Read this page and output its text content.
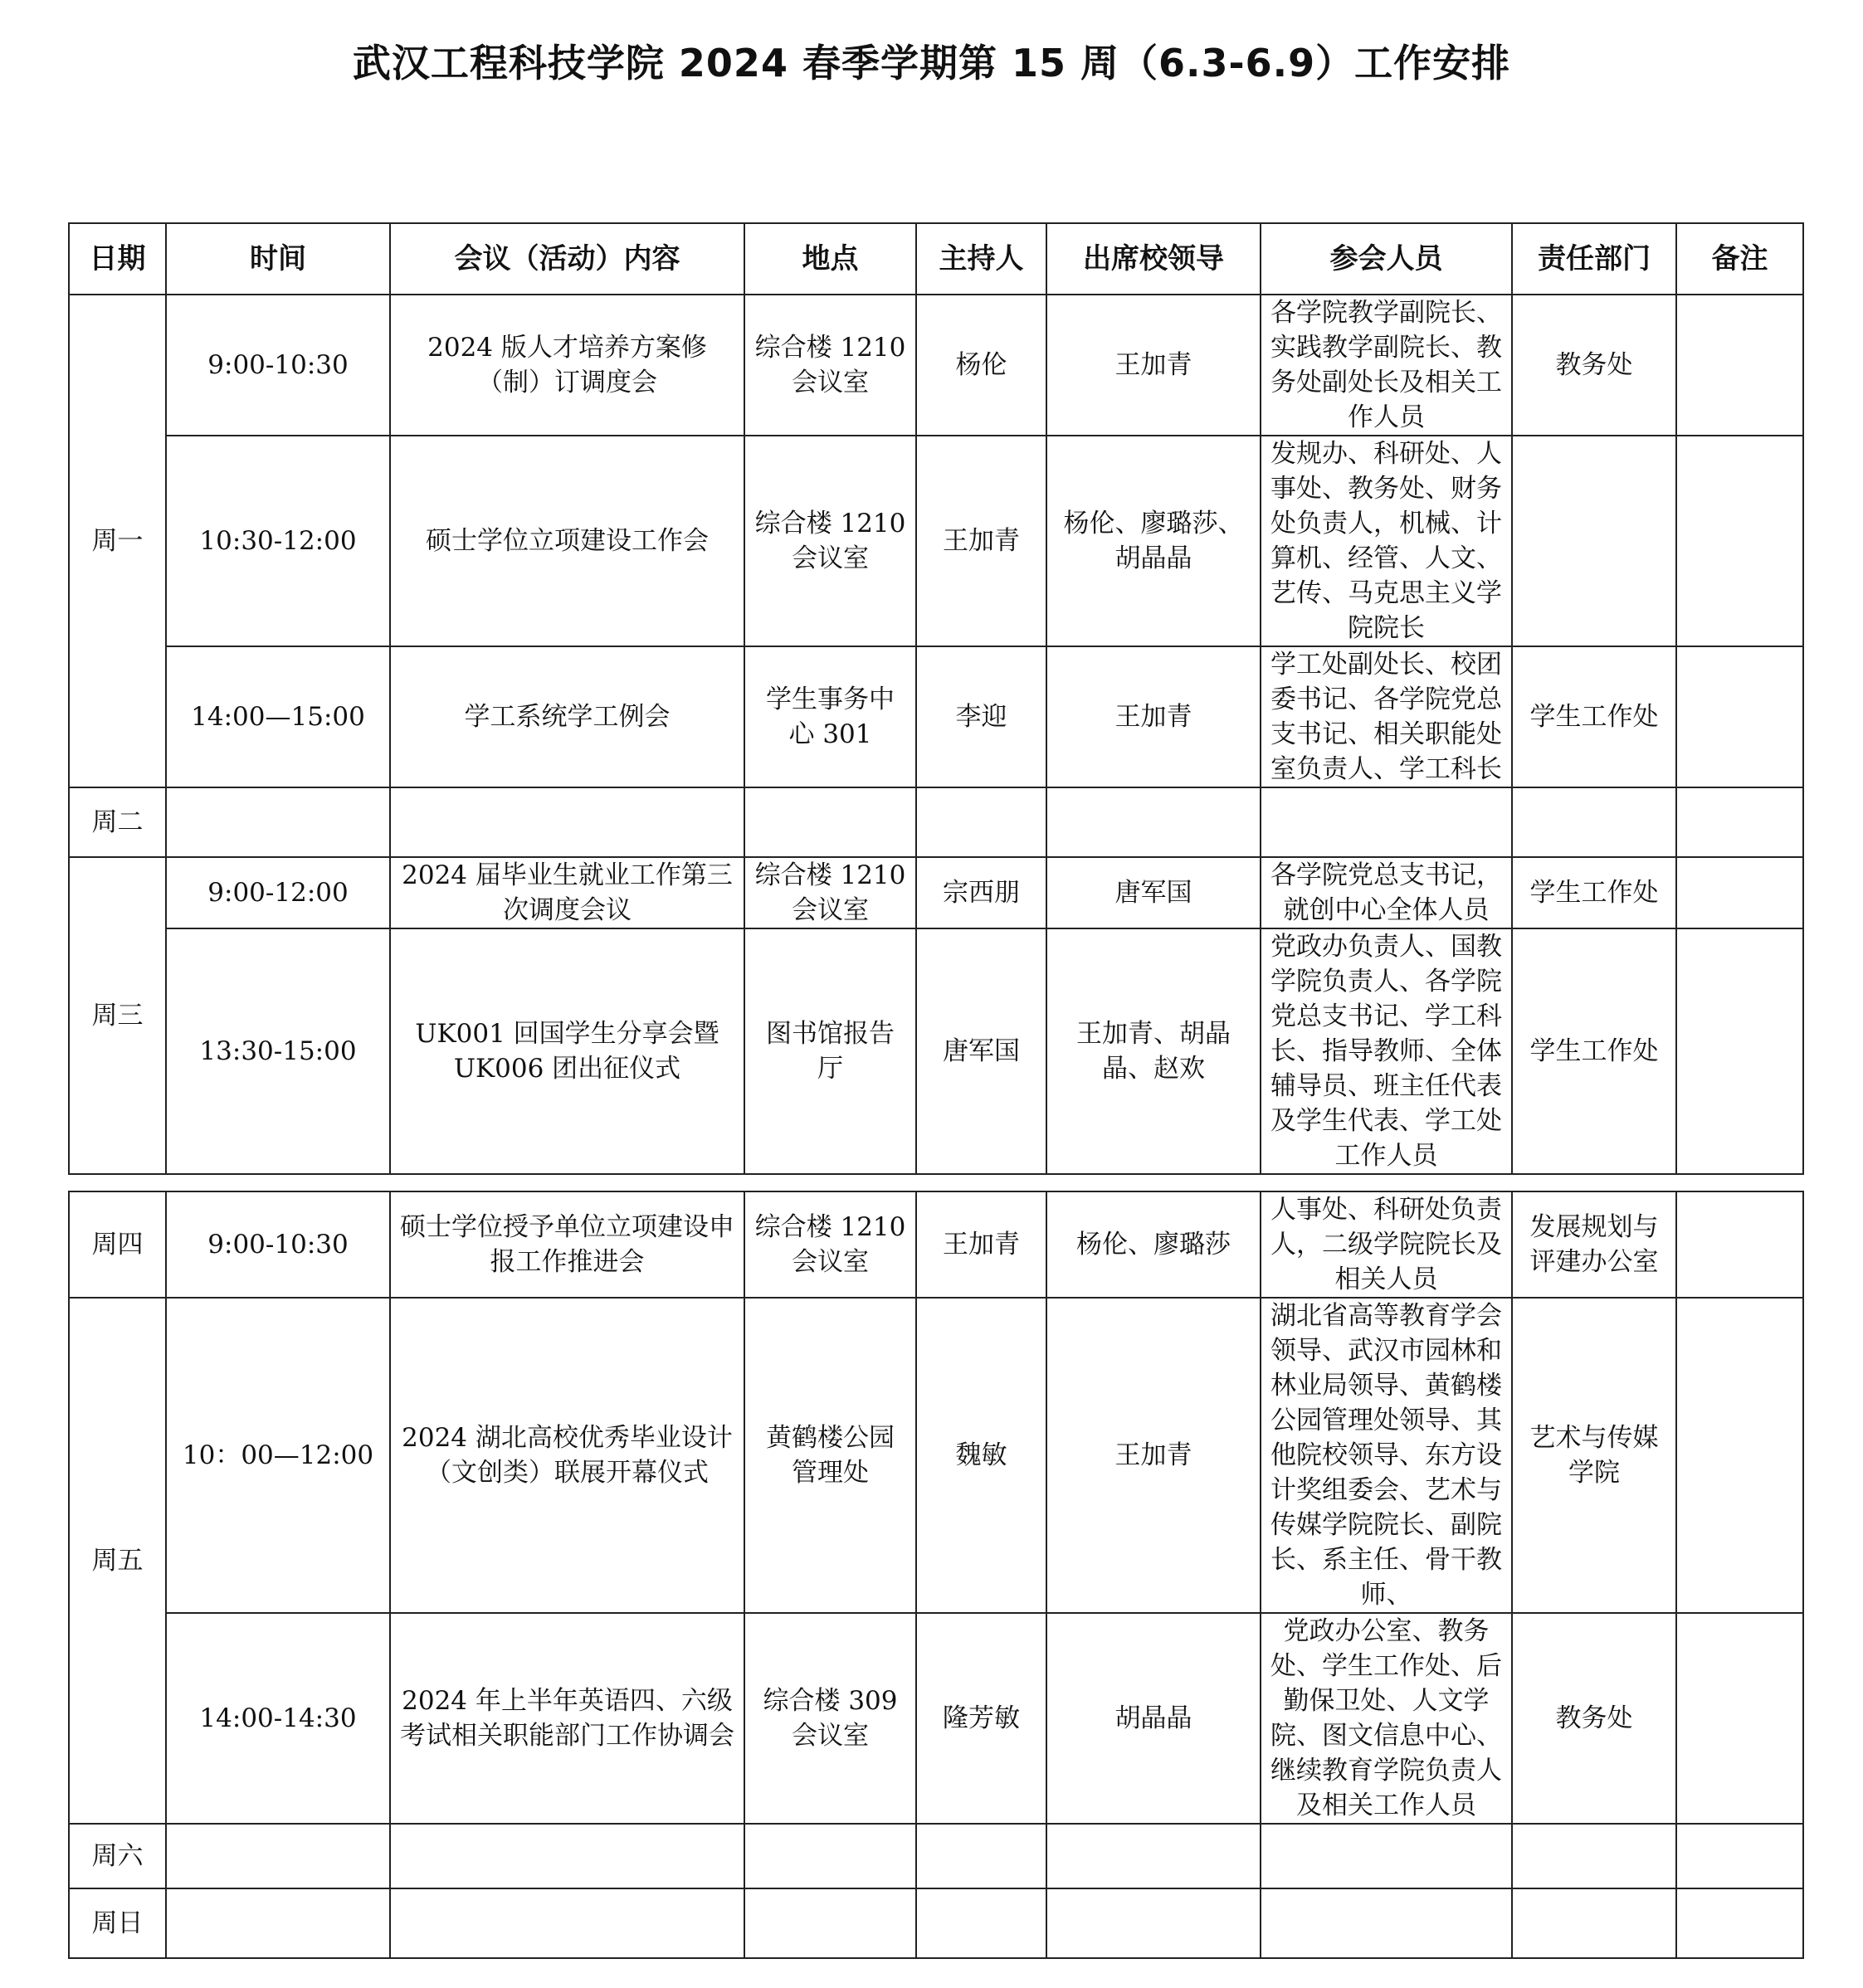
武汉工程科技学院 2024 春季学期第 15 周（6.3-6.9）工作安排
日期	时间	会议（活动）内容	地点	主持人	出席校领导	参会人员	责任部门	备注
周一	9:00-10:30	2024 版人才培养方案修（制）订调度会	综合楼 1210 会议室	杨伦	王加青	各学院教学副院长、实践教学副院长、教务处副处长及相关工作人员	教务处	
	10:30-12:00	硕士学位立项建设工作会	综合楼 1210 会议室	王加青	杨伦、廖璐莎、胡晶晶	发规办、科研处、人事处、教务处、财务处负责人，机械、计算机、经管、人文、艺传、马克思主义学院院长		
	14:00—15:00	学工系统学工例会	学生事务中心 301	李迎	王加青	学工处副处长、校团委书记、各学院党总支书记、相关职能处室负责人、学工科长	学生工作处	
周二								
周三	9:00-12:00	2024 届毕业生就业工作第三次调度会议	综合楼 1210 会议室	宗西朋	唐军国	各学院党总支书记，就创中心全体人员	学生工作处	
	13:30-15:00	UK001 回国学生分享会暨 UK006 团出征仪式	图书馆报告厅	唐军国	王加青、胡晶晶、赵欢	党政办负责人、国教学院负责人、各学院党总支书记、学工科长、指导教师、全体辅导员、班主任代表及学生代表、学工处工作人员	学生工作处	
周四	9:00-10:30	硕士学位授予单位立项建设申报工作推进会	综合楼 1210 会议室	王加青	杨伦、廖璐莎	人事处、科研处负责人，二级学院院长及相关人员	发展规划与评建办公室	
周五	10：00—12:00	2024 湖北高校优秀毕业设计（文创类）联展开幕仪式	黄鹤楼公园管理处	魏敏	王加青	湖北省高等教育学会领导、武汉市园林和林业局领导、黄鹤楼公园管理处领导、其他院校领导、东方设计奖组委会、艺术与传媒学院院长、副院长、系主任、骨干教师、	艺术与传媒学院	
	14:00-14:30	2024 年上半年英语四、六级考试相关职能部门工作协调会	综合楼 309 会议室	隆芳敏	胡晶晶	党政办公室、教务处、学生工作处、后勤保卫处、人文学院、图文信息中心、继续教育学院负责人及相关工作人员	教务处	
周六								
周日								
